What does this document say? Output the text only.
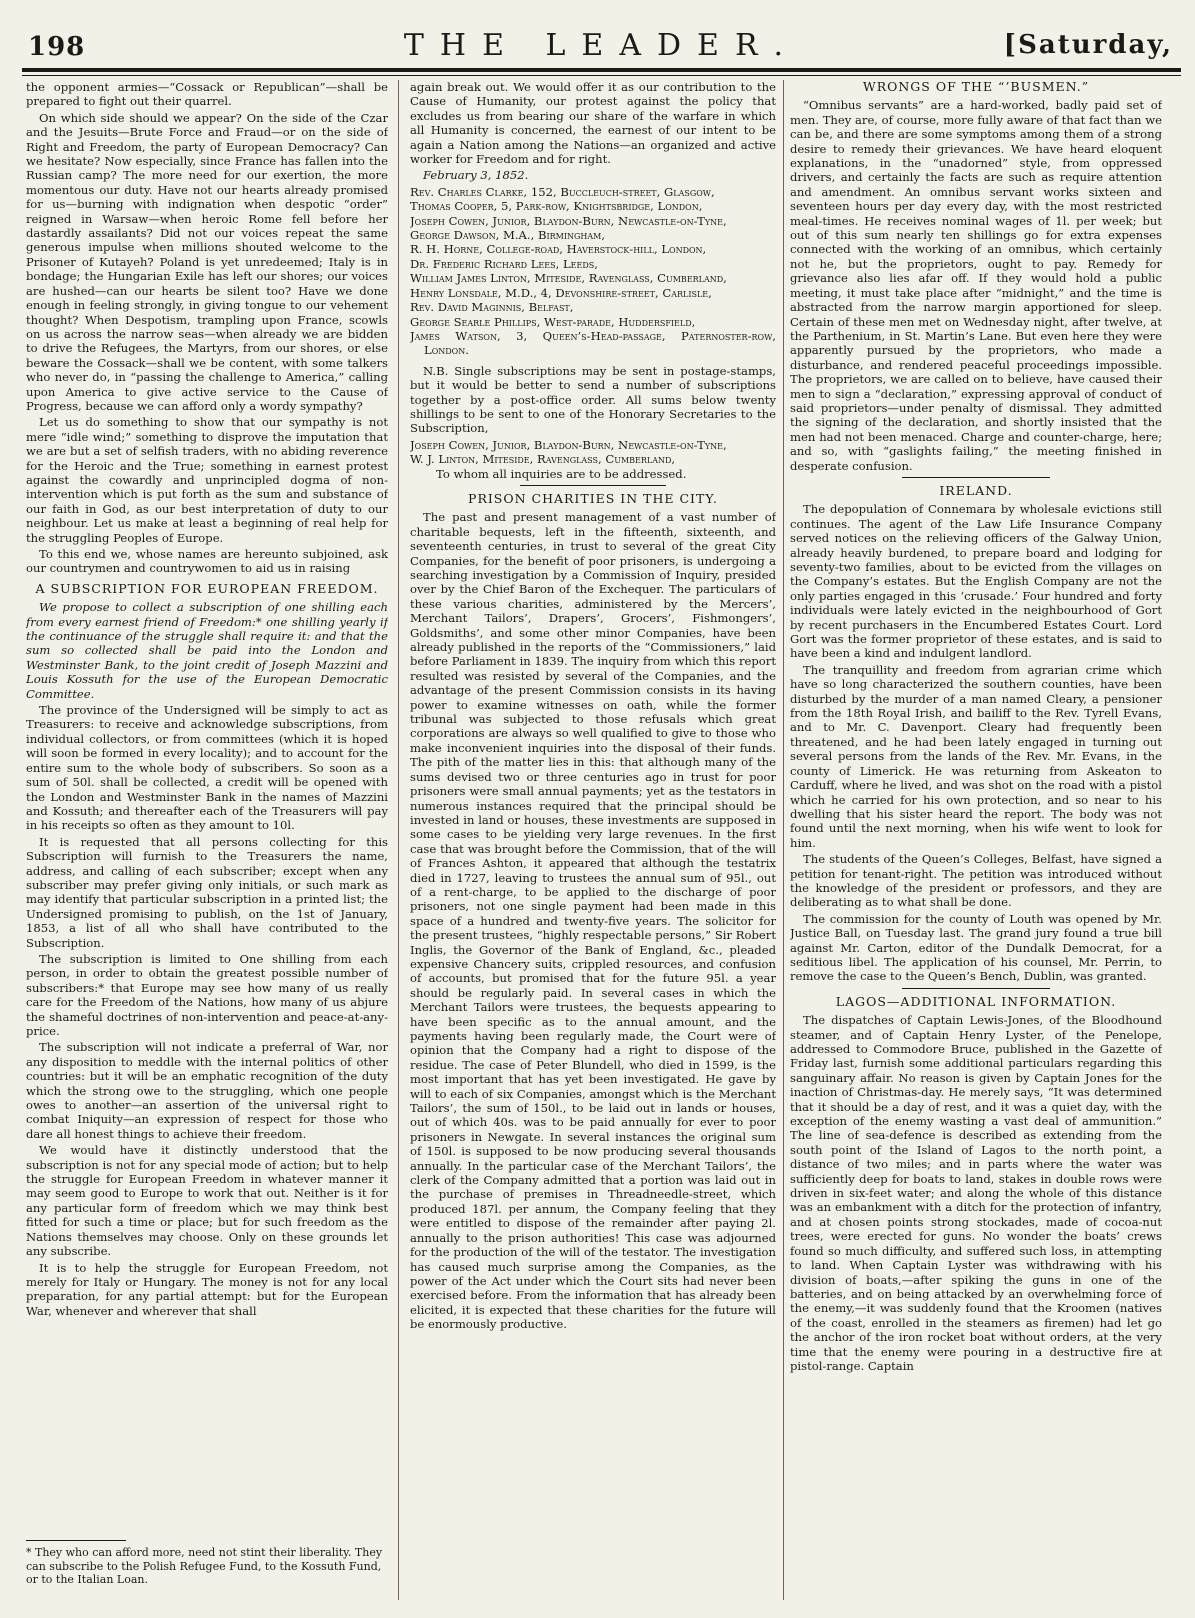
198	THE LEADER.	[Saturday,

the opponent armies—“Cossack or Republican”—shall be prepared to fight out their quarrel.

On which side should we appear? On the side of the Czar and the Jesuits—Brute Force and Fraud—or on the side of Right and Freedom, the party of European Democracy? Can we hesitate? Now especially, since France has fallen into the Russian camp? The more need for our exertion, the more momentous our duty. Have not our hearts already promised for us—burning with indignation when despotic “order” reigned in Warsaw—when heroic Rome fell before her dastardly assailants? Did not our voices repeat the same generous impulse when millions shouted welcome to the Prisoner of Kutayeh? Poland is yet unredeemed; Italy is in bondage; the Hungarian Exile has left our shores; our voices are hushed—can our hearts be silent too? Have we done enough in feeling strongly, in giving tongue to our vehement thought? When Despotism, trampling upon France, scowls on us across the narrow seas—when already we are bidden to drive the Refugees, the Martyrs, from our shores, or else beware the Cossack—shall we be content, with some talkers who never do, in “passing the challenge to America,” calling upon America to give active service to the Cause of Progress, because we can afford only a wordy sympathy?

Let us do something to show that our sympathy is not mere “idle wind;” something to disprove the imputation that we are but a set of selfish traders, with no abiding reverence for the Heroic and the True; something in earnest protest against the cowardly and unprincipled dogma of non-intervention which is put forth as the sum and substance of our faith in God, as our best interpretation of duty to our neighbour. Let us make at least a beginning of real help for the struggling Peoples of Europe.

To this end we, whose names are hereunto subjoined, ask our countrymen and countrywomen to aid us in raising

A SUBSCRIPTION FOR EUROPEAN FREEDOM.

We propose to collect a subscription of one shilling each from every earnest friend of Freedom:* one shilling yearly if the continuance of the struggle shall require it: and that the sum so collected shall be paid into the London and Westminster Bank, to the joint credit of Joseph Mazzini and Louis Kossuth for the use of the European Democratic Committee.

The province of the Undersigned will be simply to act as Treasurers: to receive and acknowledge subscriptions, from individual collectors, or from committees (which it is hoped will soon be formed in every locality); and to account for the entire sum to the whole body of subscribers. So soon as a sum of 50l. shall be collected, a credit will be opened with the London and Westminster Bank in the names of Mazzini and Kossuth; and thereafter each of the Treasurers will pay in his receipts so often as they amount to 10l.

It is requested that all persons collecting for this Subscription will furnish to the Treasurers the name, address, and calling of each subscriber; except when any subscriber may prefer giving only initials, or such mark as may identify that particular subscription in a printed list; the Undersigned promising to publish, on the 1st of January, 1853, a list of all who shall have contributed to the Subscription.

The subscription is limited to One shilling from each person, in order to obtain the greatest possible number of subscribers:* that Europe may see how many of us really care for the Freedom of the Nations, how many of us abjure the shameful doctrines of non-intervention and peace-at-any-price.

The subscription will not indicate a preferral of War, nor any disposition to meddle with the internal politics of other countries: but it will be an emphatic recognition of the duty which the strong owe to the struggling, which one people owes to another—an assertion of the universal right to combat Iniquity—an expression of respect for those who dare all honest things to achieve their freedom.

We would have it distinctly understood that the subscription is not for any special mode of action; but to help the struggle for European Freedom in whatever manner it may seem good to Europe to work that out. Neither is it for any particular form of freedom which we may think best fitted for such a time or place; but for such freedom as the Nations themselves may choose. Only on these grounds let any subscribe.

It is to help the struggle for European Freedom, not merely for Italy or Hungary. The money is not for any local preparation, for any partial attempt: but for the European War, whenever and wherever that shall

* They who can afford more, need not stint their liberality. They can subscribe to the Polish Refugee Fund, to the Kossuth Fund, or to the Italian Loan.

again break out. We would offer it as our contribution to the Cause of Humanity, our protest against the policy that excludes us from bearing our share of the warfare in which all Humanity is concerned, the earnest of our intent to be again a Nation among the Nations—an organized and active worker for Freedom and for right.

February 3, 1852.

Rev. Charles Clarke, 152, Buccleuch-street, Glasgow,

Thomas Cooper, 5, Park-row, Knightsbridge, London,

Joseph Cowen, Junior, Blaydon-Burn, Newcastle-on-Tyne,

George Dawson, M.A., Birmingham,

R. H. Horne, College-road, Haverstock-hill, London,

Dr. Frederic Richard Lees, Leeds,

William James Linton, Miteside, Ravenglass, Cumberland,

Henry Lonsdale, M.D., 4, Devonshire-street, Carlisle,

Rev. David Maginnis, Belfast,

George Searle Phillips, West-parade, Huddersfield,

James Watson, 3, Queen’s-Head-passage, Paternoster-row, London.

N.B. Single subscriptions may be sent in postage-stamps, but it would be better to send a number of subscriptions together by a post-office order. All sums below twenty shillings to be sent to one of the Honorary Secretaries to the Subscription,

Joseph Cowen, Junior, Blaydon-Burn, Newcastle-on-Tyne,

W. J. Linton, Miteside, Ravenglass, Cumberland,

To whom all inquiries are to be addressed.

PRISON CHARITIES IN THE CITY.

The past and present management of a vast number of charitable bequests, left in the fifteenth, sixteenth, and seventeenth centuries, in trust to several of the great City Companies, for the benefit of poor prisoners, is undergoing a searching investigation by a Commission of Inquiry, presided over by the Chief Baron of the Exchequer. The particulars of these various charities, administered by the Mercers’, Merchant Tailors’, Drapers’, Grocers’, Fishmongers’, Goldsmiths’, and some other minor Companies, have been already published in the reports of the “Commissioners,” laid before Parliament in 1839. The inquiry from which this report resulted was resisted by several of the Companies, and the advantage of the present Commission consists in its having power to examine witnesses on oath, while the former tribunal was subjected to those refusals which great corporations are always so well qualified to give to those who make inconvenient inquiries into the disposal of their funds. The pith of the matter lies in this: that although many of the sums devised two or three centuries ago in trust for poor prisoners were small annual payments; yet as the testators in numerous instances required that the principal should be invested in land or houses, these investments are supposed in some cases to be yielding very large revenues. In the first case that was brought before the Commission, that of the will of Frances Ashton, it appeared that although the testatrix died in 1727, leaving to trustees the annual sum of 95l., out of a rent-charge, to be applied to the discharge of poor prisoners, not one single payment had been made in this space of a hundred and twenty-five years. The solicitor for the present trustees, “highly respectable persons,” Sir Robert Inglis, the Governor of the Bank of England, &c., pleaded expensive Chancery suits, crippled resources, and confusion of accounts, but promised that for the future 95l. a year should be regularly paid. In several cases in which the Merchant Tailors were trustees, the bequests appearing to have been specific as to the annual amount, and the payments having been regularly made, the Court were of opinion that the Company had a right to dispose of the residue. The case of Peter Blundell, who died in 1599, is the most important that has yet been investigated. He gave by will to each of six Companies, amongst which is the Merchant Tailors’, the sum of 150l., to be laid out in lands or houses, out of which 40s. was to be paid annually for ever to poor prisoners in Newgate. In several instances the original sum of 150l. is supposed to be now producing several thousands annually. In the particular case of the Merchant Tailors’, the clerk of the Company admitted that a portion was laid out in the purchase of premises in Threadneedle-street, which produced 187l. per annum, the Company feeling that they were entitled to dispose of the remainder after paying 2l. annually to the prison authorities! This case was adjourned for the production of the will of the testator. The investigation has caused much surprise among the Companies, as the power of the Act under which the Court sits had never been exercised before. From the information that has already been elicited, it is expected that these charities for the future will be enormously productive.

WRONGS OF THE “’BUSMEN.”

“Omnibus servants” are a hard-worked, badly paid set of men. They are, of course, more fully aware of that fact than we can be, and there are some symptoms among them of a strong desire to remedy their grievances. We have heard eloquent explanations, in the “unadorned” style, from oppressed drivers, and certainly the facts are such as require attention and amendment. An omnibus servant works sixteen and seventeen hours per day every day, with the most restricted meal-times. He receives nominal wages of 1l. per week; but out of this sum nearly ten shillings go for extra expenses connected with the working of an omnibus, which certainly not he, but the proprietors, ought to pay. Remedy for grievance also lies afar off. If they would hold a public meeting, it must take place after “midnight,” and the time is abstracted from the narrow margin apportioned for sleep. Certain of these men met on Wednesday night, after twelve, at the Parthenium, in St. Martin’s Lane. But even here they were apparently pursued by the proprietors, who made a disturbance, and rendered peaceful proceedings impossible. The proprietors, we are called on to believe, have caused their men to sign a “declaration,” expressing approval of conduct of said proprietors—under penalty of dismissal. They admitted the signing of the declaration, and shortly insisted that the men had not been menaced. Charge and counter-charge, here; and so, with “gaslights failing,” the meeting finished in desperate confusion.

IRELAND.

The depopulation of Connemara by wholesale evictions still continues. The agent of the Law Life Insurance Company served notices on the relieving officers of the Galway Union, already heavily burdened, to prepare board and lodging for seventy-two families, about to be evicted from the villages on the Company’s estates. But the English Company are not the only parties engaged in this ‘crusade.’ Four hundred and forty individuals were lately evicted in the neighbourhood of Gort by recent purchasers in the Encumbered Estates Court. Lord Gort was the former proprietor of these estates, and is said to have been a kind and indulgent landlord.

The tranquillity and freedom from agrarian crime which have so long characterized the southern counties, have been disturbed by the murder of a man named Cleary, a pensioner from the 18th Royal Irish, and bailiff to the Rev. Tyrell Evans, and to Mr. C. Davenport. Cleary had frequently been threatened, and he had been lately engaged in turning out several persons from the lands of the Rev. Mr. Evans, in the county of Limerick. He was returning from Askeaton to Carduff, where he lived, and was shot on the road with a pistol which he carried for his own protection, and so near to his dwelling that his sister heard the report. The body was not found until the next morning, when his wife went to look for him.

The students of the Queen’s Colleges, Belfast, have signed a petition for tenant-right. The petition was introduced without the knowledge of the president or professors, and they are deliberating as to what shall be done.

The commission for the county of Louth was opened by Mr. Justice Ball, on Tuesday last. The grand jury found a true bill against Mr. Carton, editor of the Dundalk Democrat, for a seditious libel. The application of his counsel, Mr. Perrin, to remove the case to the Queen’s Bench, Dublin, was granted.

LAGOS—ADDITIONAL INFORMATION.

The dispatches of Captain Lewis-Jones, of the Bloodhound steamer, and of Captain Henry Lyster, of the Penelope, addressed to Commodore Bruce, published in the Gazette of Friday last, furnish some additional particulars regarding this sanguinary affair. No reason is given by Captain Jones for the inaction of Christmas-day. He merely says, “It was determined that it should be a day of rest, and it was a quiet day, with the exception of the enemy wasting a vast deal of ammunition.” The line of sea-defence is described as extending from the south point of the Island of Lagos to the north point, a distance of two miles; and in parts where the water was sufficiently deep for boats to land, stakes in double rows were driven in six-feet water; and along the whole of this distance was an embankment with a ditch for the protection of infantry, and at chosen points strong stockades, made of cocoa-nut trees, were erected for guns. No wonder the boats’ crews found so much difficulty, and suffered such loss, in attempting to land. When Captain Lyster was withdrawing with his division of boats,—after spiking the guns in one of the batteries, and on being attacked by an overwhelming force of the enemy,—it was suddenly found that the Kroomen (natives of the coast, enrolled in the steamers as firemen) had let go the anchor of the iron rocket boat without orders, at the very time that the enemy were pouring in a destructive fire at pistol-range. Captain
